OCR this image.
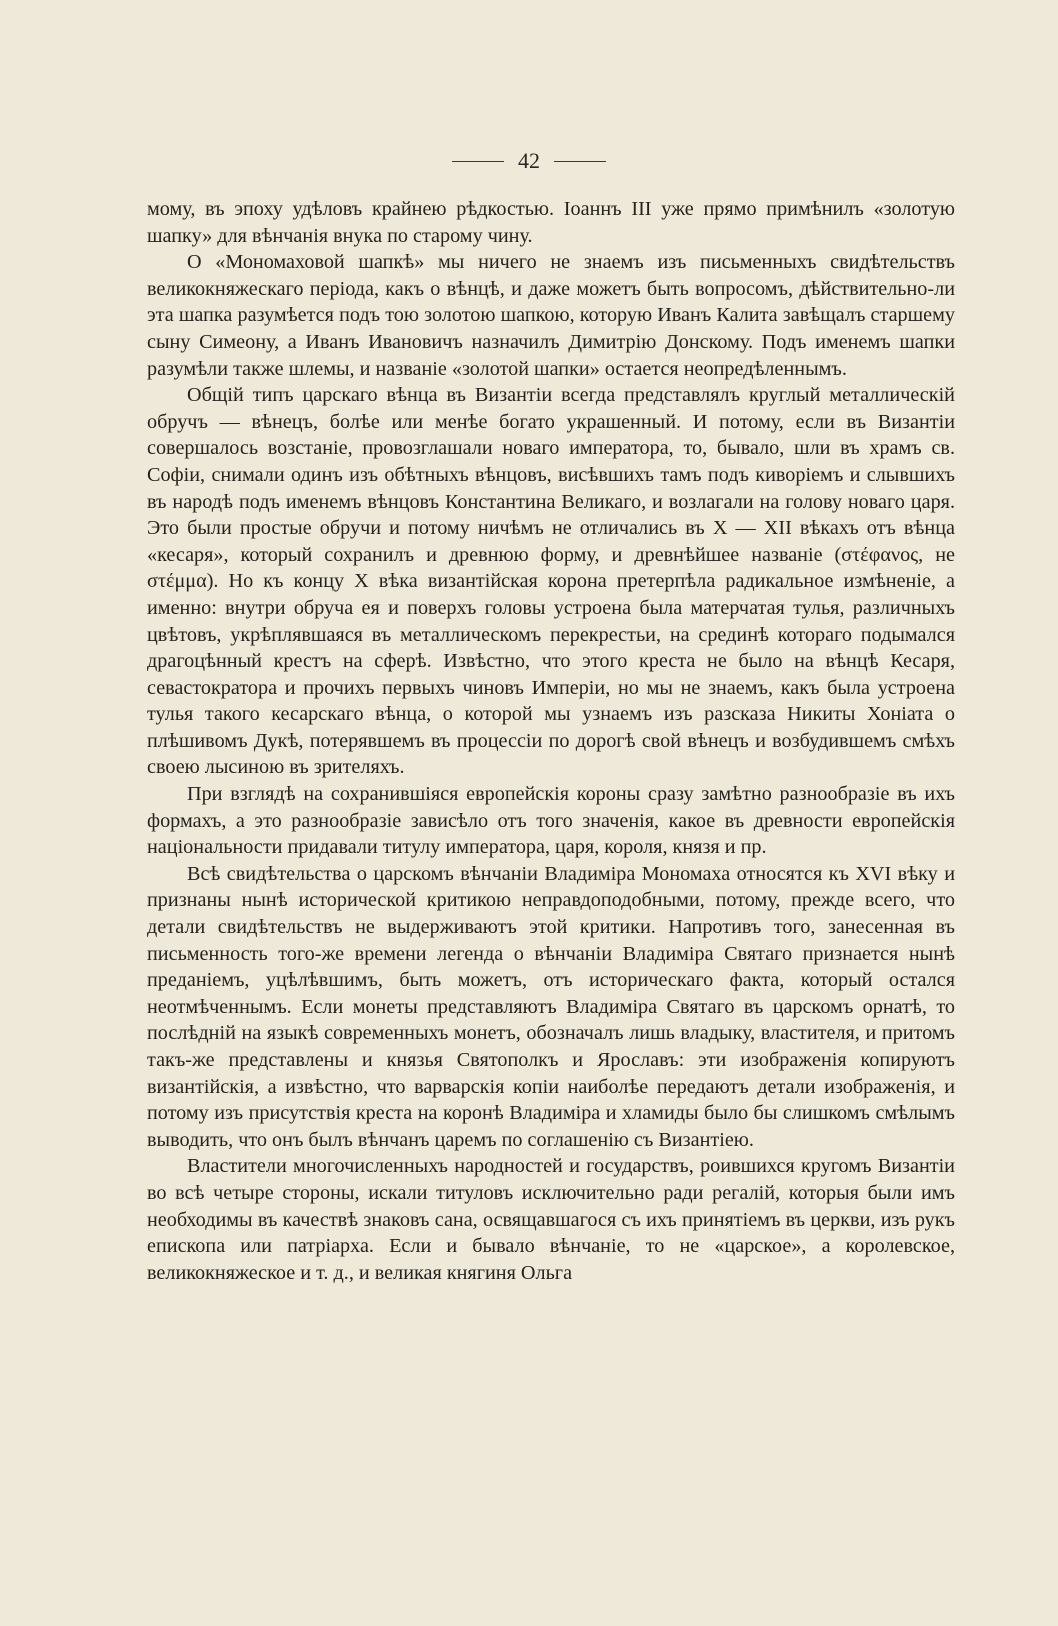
42

мому, въ эпоху удѣловъ крайнею рѣдкостью. Іоаннъ III уже прямо примѣнилъ «золотую шапку» для вѣнчанія внука по старому чину.

О «Мономаховой шапкѣ» мы ничего не знаемъ изъ письменныхъ свидѣтельствъ великокняжескаго періода, какъ о вѣнцѣ, и даже можетъ быть вопросомъ, дѣйствительно-ли эта шапка разумѣется подъ тою золотою шапкою, которую Иванъ Калита завѣщалъ старшему сыну Симеону, а Иванъ Ивановичъ назначилъ Димитрію Донскому. Подъ именемъ шапки разумѣли также шлемы, и названіе «золотой шапки» остается неопредѣленнымъ.

Общій типъ царскаго вѣнца въ Византіи всегда представлялъ круглый металлическій обручъ — вѣнецъ, болѣе или менѣе богато украшенный. И потому, если въ Византіи совершалось возстаніе, провозглашали новаго императора, то, бывало, шли въ храмъ св. Софіи, снимали одинъ изъ обѣтныхъ вѣнцовъ, висѣвшихъ тамъ подъ киворіемъ и слывшихъ въ народѣ подъ именемъ вѣнцовъ Константина Великаго, и возлагали на голову новаго царя. Это были простые обручи и потому ничѣмъ не отличались въ X — XII вѣкахъ отъ вѣнца «кесаря», который сохранилъ и древнюю форму, и древнѣйшее названіе (στέφανος, не στέμμα). Но къ концу X вѣка византійская корона претерпѣла радикальное измѣненіе, а именно: внутри обруча ея и поверхъ головы устроена была матерчатая тулья, различныхъ цвѣтовъ, укрѣплявшаяся въ металлическомъ перекрестьи, на срединѣ котораго подымался драгоцѣнный крестъ на сферѣ. Извѣстно, что этого креста не было на вѣнцѣ Кесаря, севастократора и прочихъ первыхъ чиновъ Имперіи, но мы не знаемъ, какъ была устроена тулья такого кесарскаго вѣнца, о которой мы узнаемъ изъ разсказа Никиты Хоніата о плѣшивомъ Дукѣ, потерявшемъ въ процессіи по дорогѣ свой вѣнецъ и возбудившемъ смѣхъ своею лысиною въ зрителяхъ.

При взглядѣ на сохранившіяся европейскія короны сразу замѣтно разнообразіе въ ихъ формахъ, а это разнообразіе зависѣло отъ того значенія, какое въ древности европейскія національности придавали титулу императора, царя, короля, князя и пр.

Всѣ свидѣтельства о царскомъ вѣнчаніи Владиміра Мономаха относятся къ XVI вѣку и признаны нынѣ исторической критикою неправдоподобными, потому, прежде всего, что детали свидѣтельствъ не выдерживаютъ этой критики. Напротивъ того, занесенная въ письменность того-же времени легенда о вѣнчаніи Владиміра Святаго признается нынѣ преданіемъ, уцѣлѣвшимъ, быть можетъ, отъ историческаго факта, который остался неотмѣченнымъ. Если монеты представляютъ Владиміра Святаго въ царскомъ орнатѣ, то послѣдній на языкѣ современныхъ монетъ, обозначалъ лишь владыку, властителя, и притомъ такъ-же представлены и князья Святополкъ и Ярославъ: эти изображенія копируютъ византійскія, а извѣстно, что варварскія копіи наиболѣе передаютъ детали изображенія, и потому изъ присутствія креста на коронѣ Владиміра и хламиды было бы слишкомъ смѣлымъ выводить, что онъ былъ вѣнчанъ царемъ по соглашенію съ Византіею.

Властители многочисленныхъ народностей и государствъ, роившихся кругомъ Византіи во всѣ четыре стороны, искали титуловъ исключительно ради регалій, которыя были имъ необходимы въ качествѣ знаковъ сана, освящавшагося съ ихъ принятіемъ въ церкви, изъ рукъ епископа или патріарха. Если и бывало вѣнчаніе, то не «царское», а королевское, великокняжеское и т. д., и великая княгиня Ольга
